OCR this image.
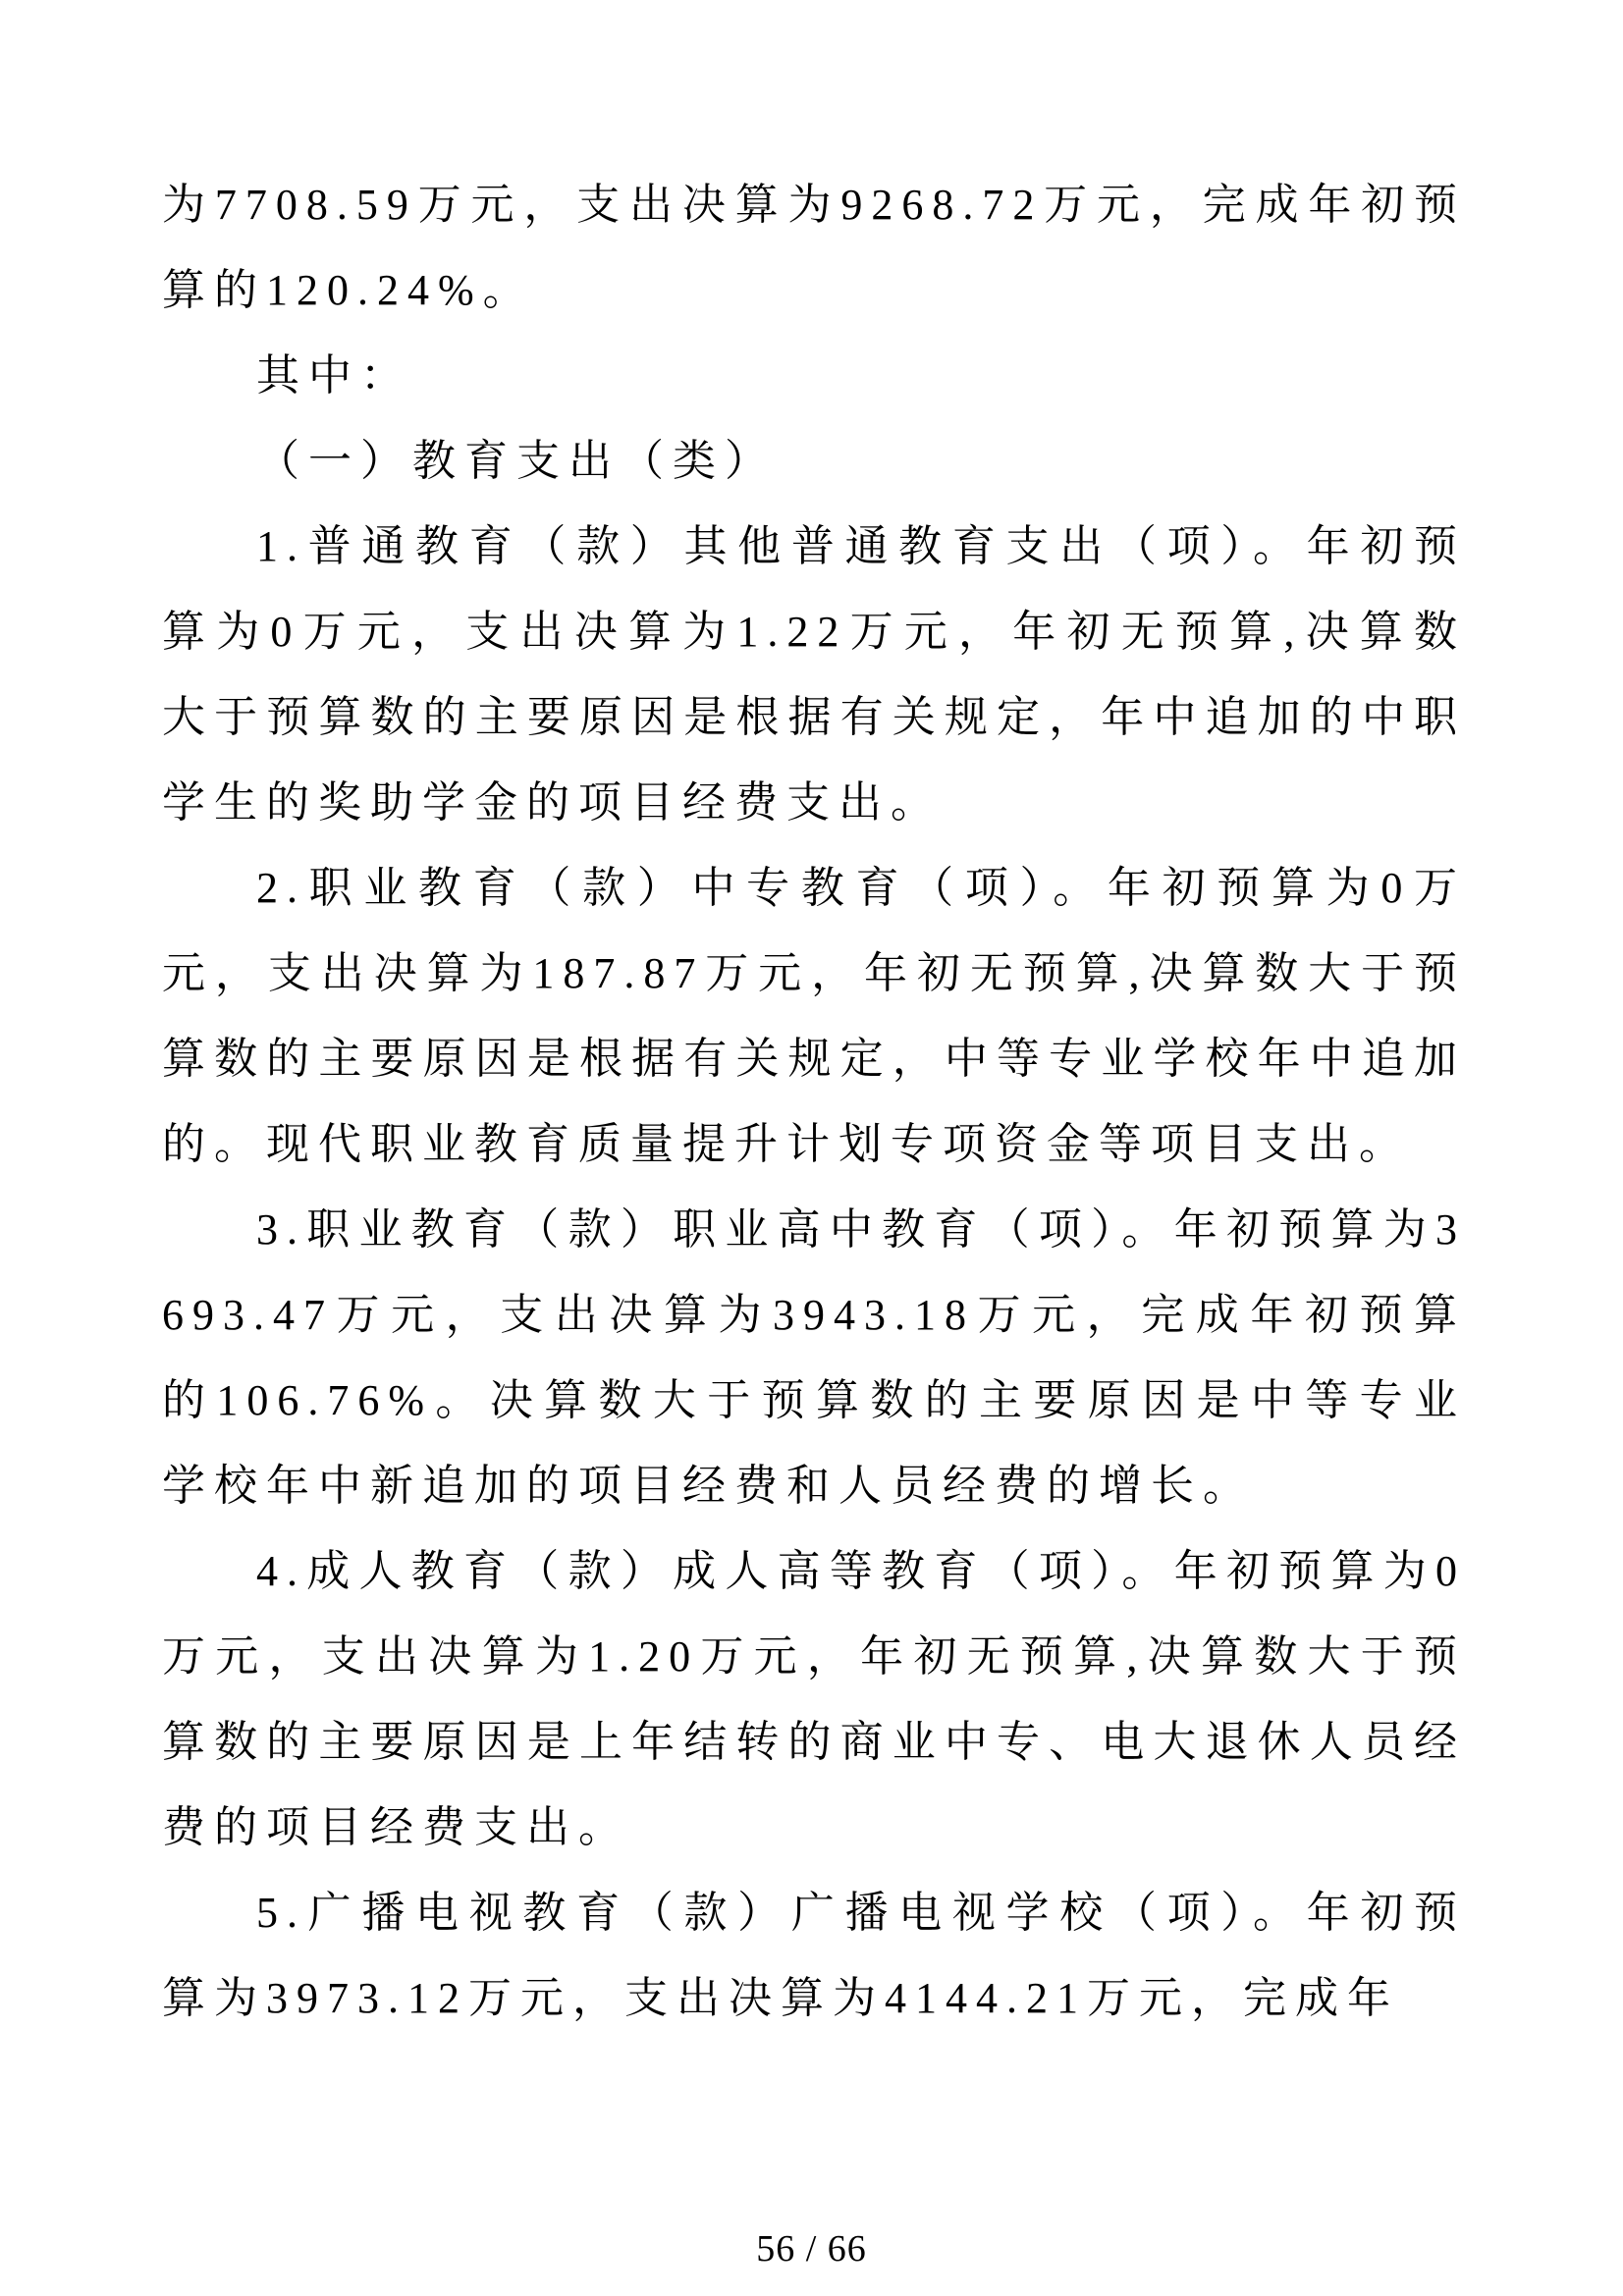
为7708.59万元，支出决算为9268.72万元，完成年初预算的120.24%。

其中：

（一）教育支出（类）

1.普通教育（款）其他普通教育支出（项）。年初预算为0万元，支出决算为1.22万元，年初无预算,决算数大于预算数的主要原因是根据有关规定，年中追加的中职学生的奖助学金的项目经费支出。

2.职业教育（款）中专教育（项）。年初预算为0万元，支出决算为187.87万元，年初无预算,决算数大于预算数的主要原因是根据有关规定，中等专业学校年中追加的。现代职业教育质量提升计划专项资金等项目支出。

3.职业教育（款）职业高中教育（项）。年初预算为3693.47万元，支出决算为3943.18万元，完成年初预算的106.76%。决算数大于预算数的主要原因是中等专业学校年中新追加的项目经费和人员经费的增长。

4.成人教育（款）成人高等教育（项）。年初预算为0万元，支出决算为1.20万元，年初无预算,决算数大于预算数的主要原因是上年结转的商业中专、电大退休人员经费的项目经费支出。

5.广播电视教育（款）广播电视学校（项）。年初预算为3973.12万元，支出决算为4144.21万元，完成年

56 / 66
